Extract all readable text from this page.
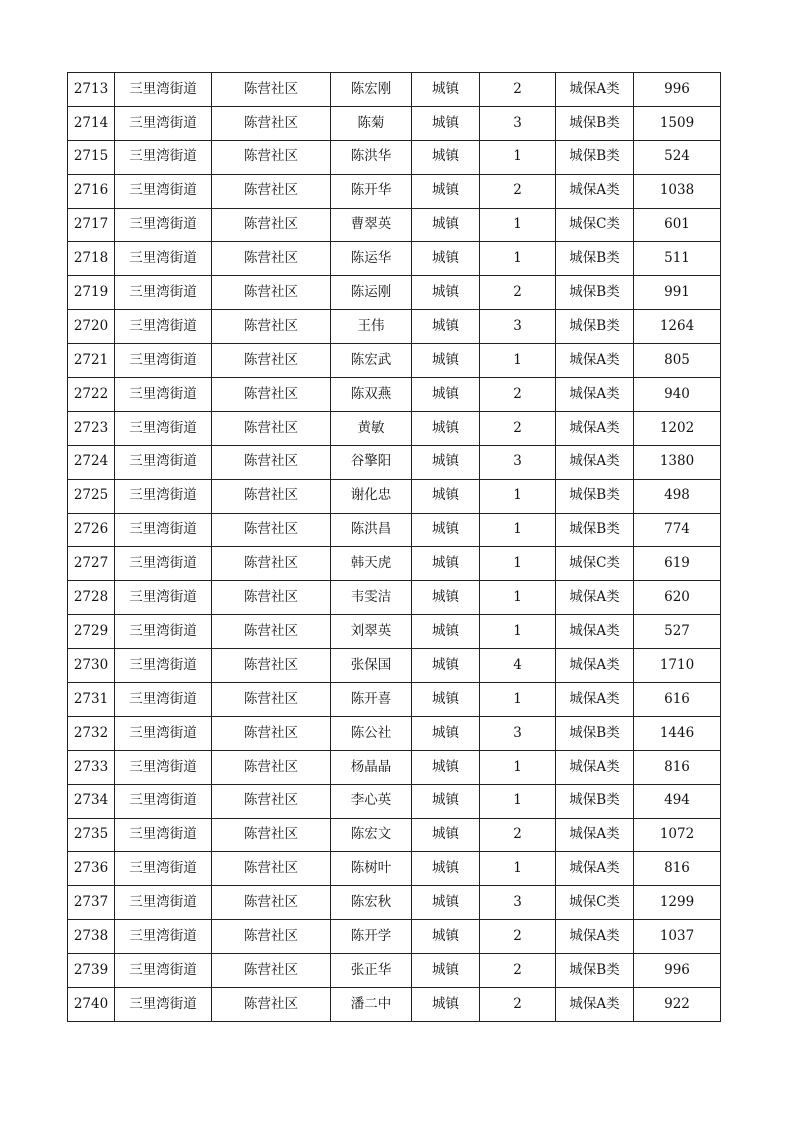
2713	三里湾街道	陈营社区	陈宏刚	城镇	2	城保A类	996
2714	三里湾街道	陈营社区	陈菊	城镇	3	城保B类	1509
2715	三里湾街道	陈营社区	陈洪华	城镇	1	城保B类	524
2716	三里湾街道	陈营社区	陈开华	城镇	2	城保A类	1038
2717	三里湾街道	陈营社区	曹翠英	城镇	1	城保C类	601
2718	三里湾街道	陈营社区	陈运华	城镇	1	城保B类	511
2719	三里湾街道	陈营社区	陈运刚	城镇	2	城保B类	991
2720	三里湾街道	陈营社区	王伟	城镇	3	城保B类	1264
2721	三里湾街道	陈营社区	陈宏武	城镇	1	城保A类	805
2722	三里湾街道	陈营社区	陈双燕	城镇	2	城保A类	940
2723	三里湾街道	陈营社区	黄敏	城镇	2	城保A类	1202
2724	三里湾街道	陈营社区	谷擎阳	城镇	3	城保A类	1380
2725	三里湾街道	陈营社区	谢化忠	城镇	1	城保B类	498
2726	三里湾街道	陈营社区	陈洪昌	城镇	1	城保B类	774
2727	三里湾街道	陈营社区	韩天虎	城镇	1	城保C类	619
2728	三里湾街道	陈营社区	韦雯洁	城镇	1	城保A类	620
2729	三里湾街道	陈营社区	刘翠英	城镇	1	城保A类	527
2730	三里湾街道	陈营社区	张保国	城镇	4	城保A类	1710
2731	三里湾街道	陈营社区	陈开喜	城镇	1	城保A类	616
2732	三里湾街道	陈营社区	陈公社	城镇	3	城保B类	1446
2733	三里湾街道	陈营社区	杨晶晶	城镇	1	城保A类	816
2734	三里湾街道	陈营社区	李心英	城镇	1	城保B类	494
2735	三里湾街道	陈营社区	陈宏文	城镇	2	城保A类	1072
2736	三里湾街道	陈营社区	陈树叶	城镇	1	城保A类	816
2737	三里湾街道	陈营社区	陈宏秋	城镇	3	城保C类	1299
2738	三里湾街道	陈营社区	陈开学	城镇	2	城保A类	1037
2739	三里湾街道	陈营社区	张正华	城镇	2	城保B类	996
2740	三里湾街道	陈营社区	潘二中	城镇	2	城保A类	922
